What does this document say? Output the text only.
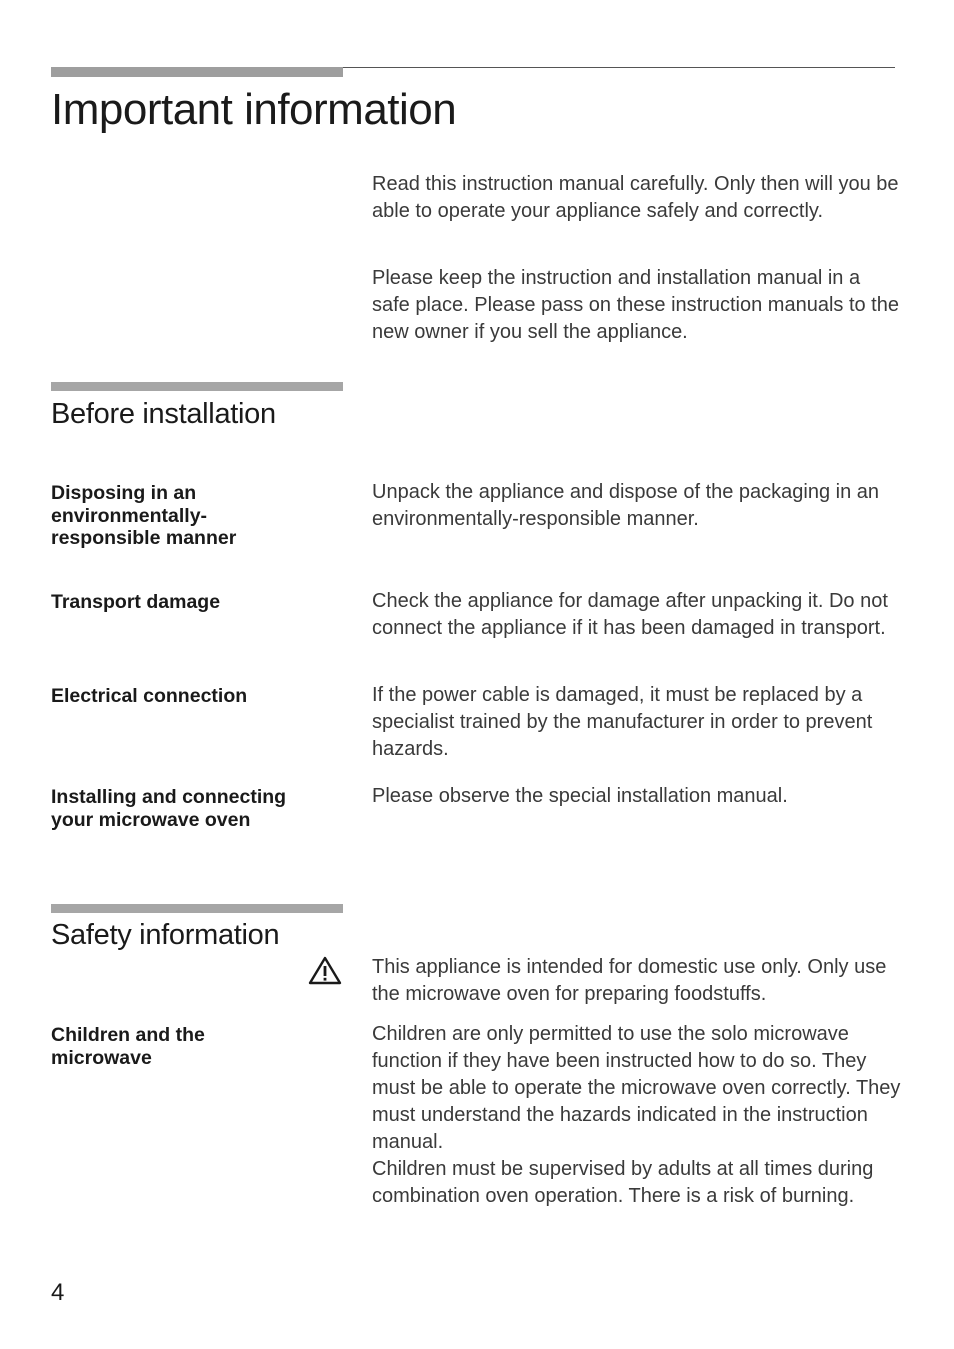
Important information

Read this instruction manual carefully. Only then will you be able to operate your appliance safely and correctly.

Please keep the instruction and installation manual in a safe place. Please pass on these instruction manuals to the new owner if you sell the appliance.

Before installation
Disposing in an environmentally-responsible manner

Unpack the appliance and dispose of the packaging in an environmentally-responsible manner.

Transport damage	Check the appliance for damage after unpacking it. Do not connect the appliance if it has been damaged in transport.

Electrical connection	If the power cable is damaged, it must be replaced by a specialist trained by the manufacturer in order to prevent hazards.

Installing and connecting your microwave oven

Please observe the special installation manual.

Safety information

This appliance is intended for domestic use only. Only use the microwave oven for preparing foodstuffs.

Children and the microwave

Children are only permitted to use the solo microwave function if they have been instructed how to do so. They must be able to operate the microwave oven correctly. They must understand the hazards indicated in the instruction manual.

Children must be supervised by adults at all times during combination oven operation. There is a risk of burning.

4
